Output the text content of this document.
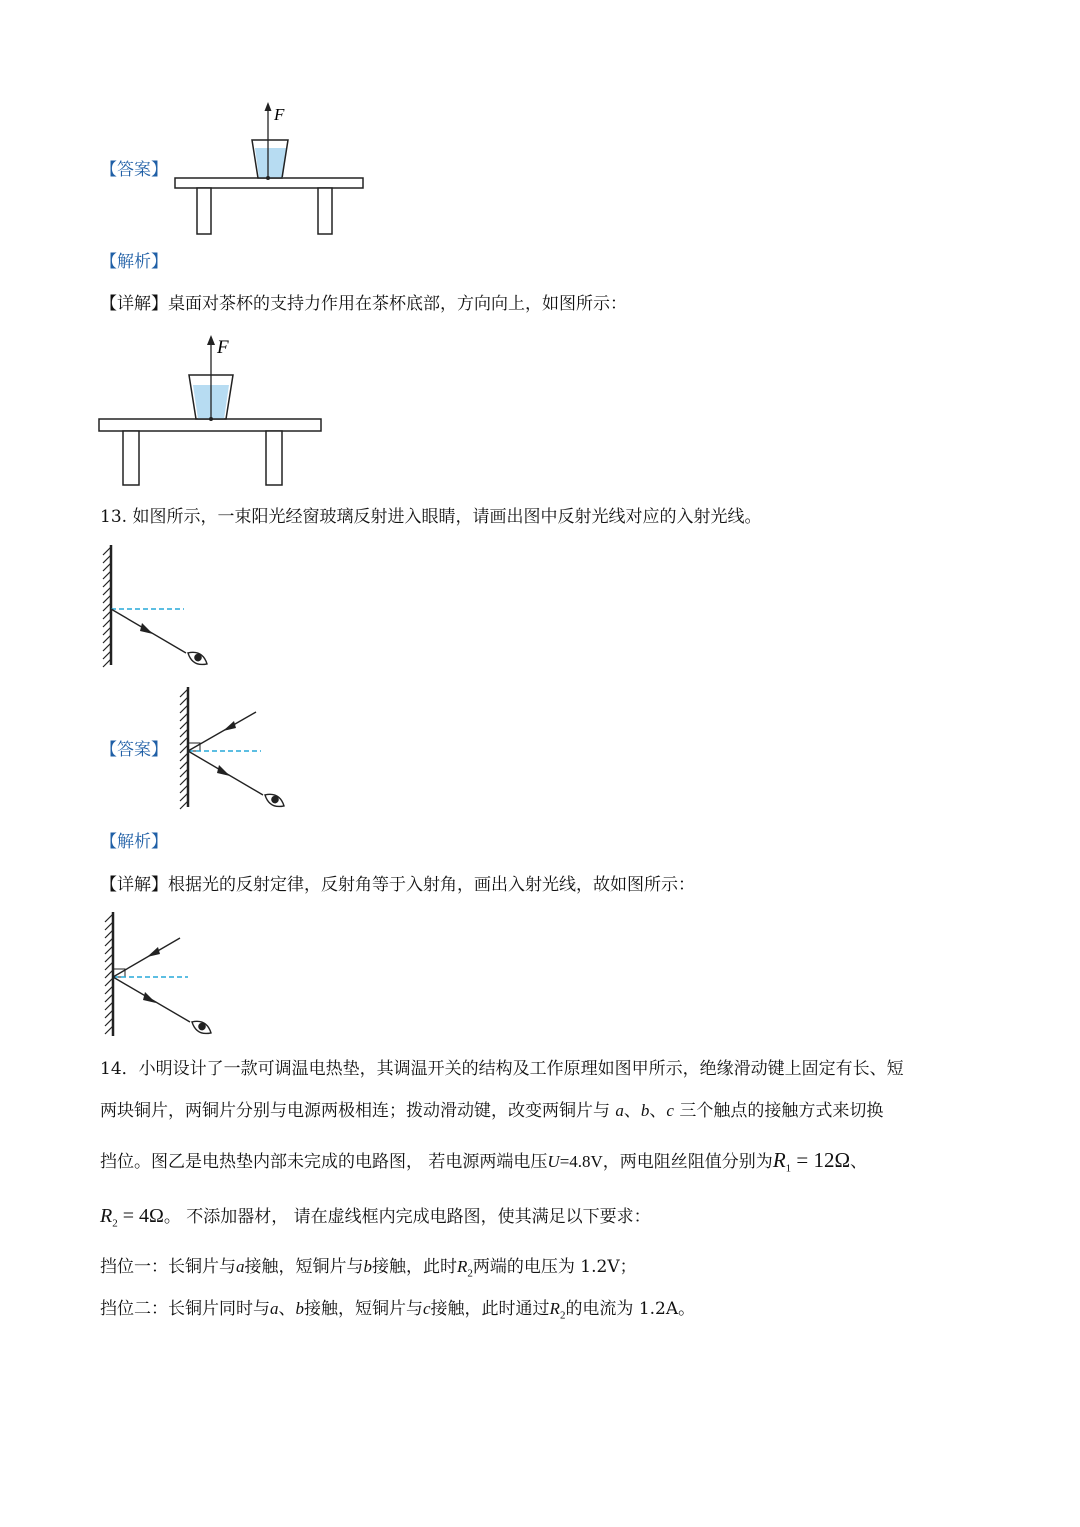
【答案】
F
【解析】
【详解】桌面对茶杯的支持力作用在茶杯底部，方向向上，如图所示：
F
13. 如图所示，一束阳光经窗玻璃反射进入眼睛，请画出图中反射光线对应的入射光线。
【答案】
【解析】
【详解】根据光的反射定律，反射角等于入射角，画出入射光线，故如图所示：
14．小明设计了一款可调温电热垫，其调温开关的结构及工作原理如图甲所示，绝缘滑动键上固定有长、短
两块铜片，两铜片分别与电源两极相连；拨动滑动键，改变两铜片与 a、b、c 三个触点的接触方式来切换
挡位。图乙是电热垫内部未完成的电路图， 若电源两端电压U=4.8V，两电阻丝阻值分别为$R_1 = 12\Omega$、
$R_2 = 4\Omega$。 不添加器材， 请在虚线框内完成电路图，使其满足以下要求：
挡位一：长铜片与a接触，短铜片与b接触，此时$R_2$两端的电压为 1.2V；
挡位二：长铜片同时与a、b接触，短铜片与c接触，此时通过$R_2$的电流为 1.2A。
